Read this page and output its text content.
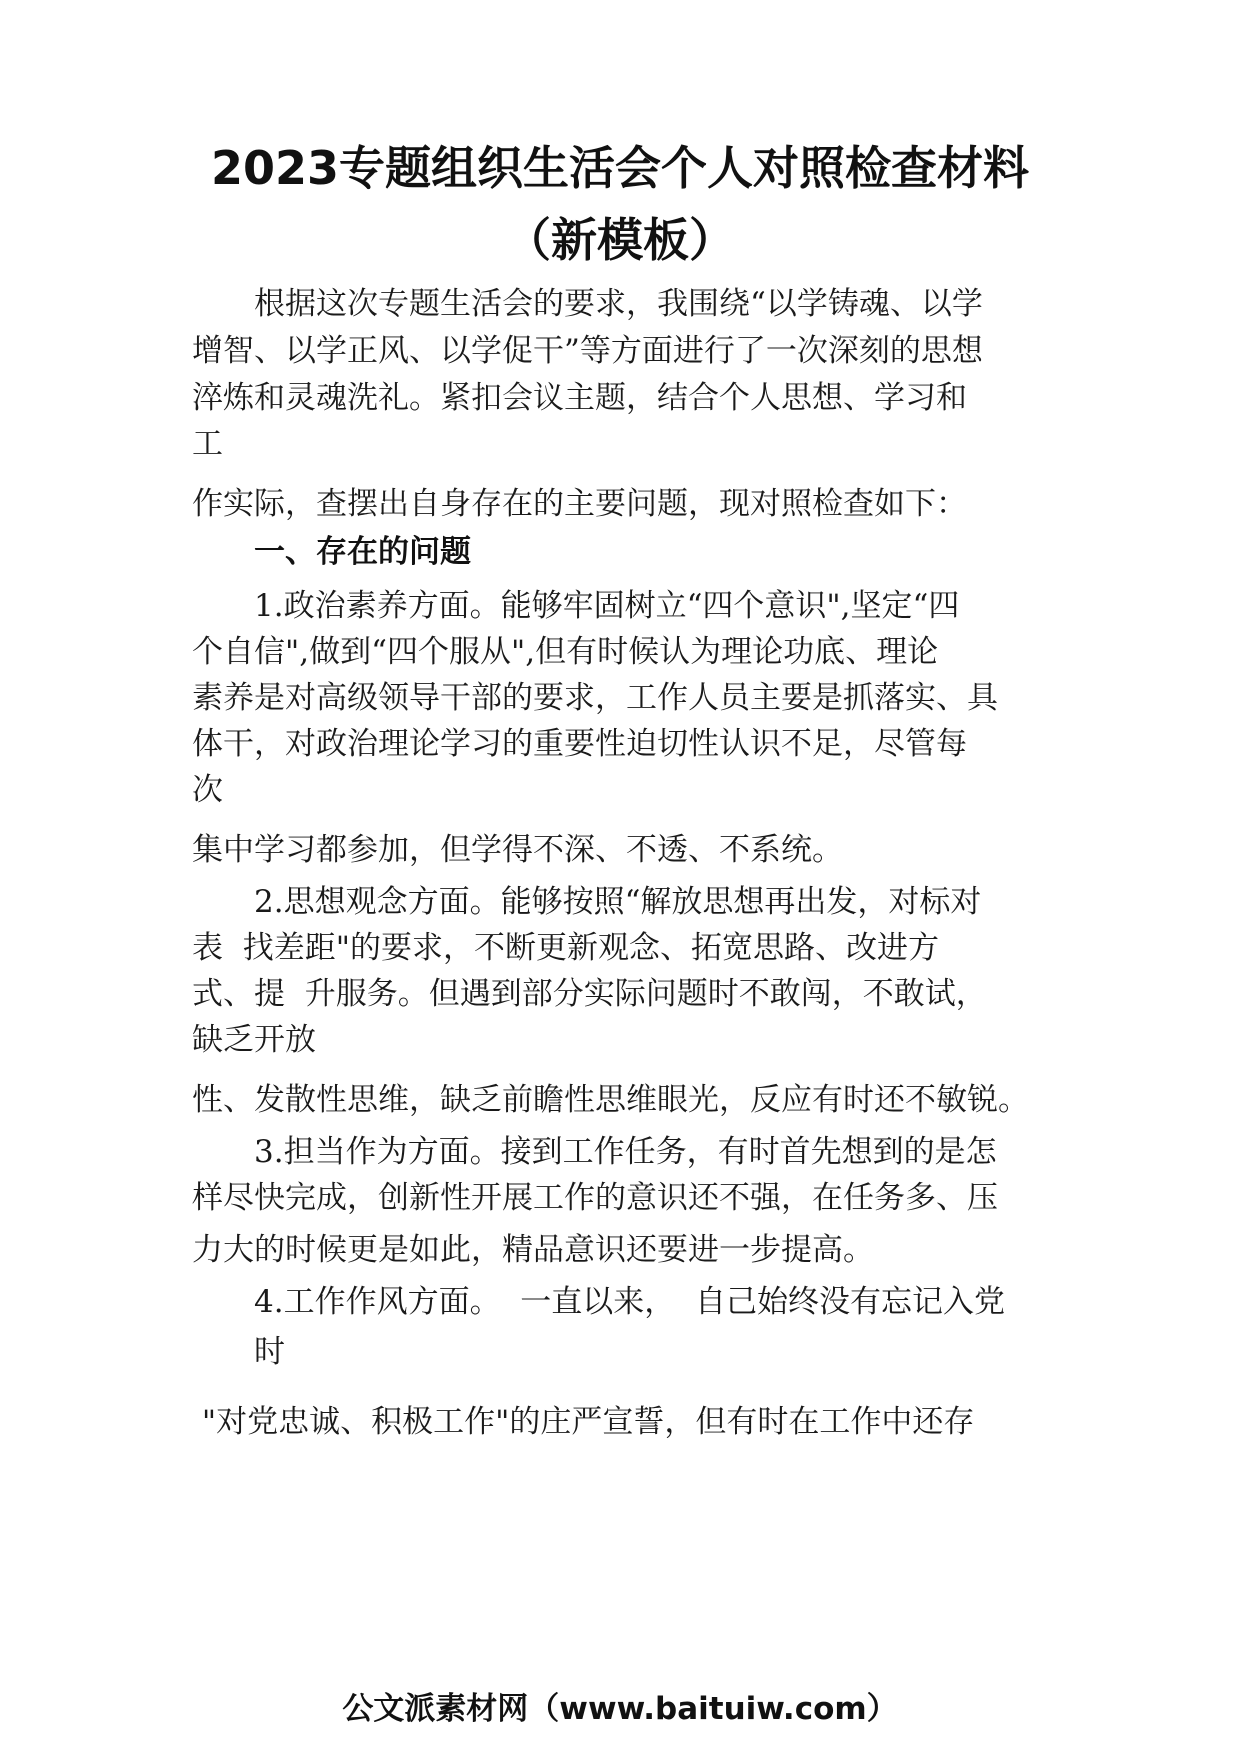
2023专题组织生活会个人对照检查材料
（新模板）

根据这次专题生活会的要求，我围绕“以学铸魂、以学

增智、以学正风、以学促干”等方面进行了一次深刻的思想

淬炼和灵魂洗礼。紧扣会议主题，结合个人思想、学习和

工

作实际，查摆出自身存在的主要问题，现对照检查如下：

一、存在的问题

1.政治素养方面。能够牢固树立“四个意识",坚定“四

个自信",做到“四个服从",但有时候认为理论功底、理论

素养是对高级领导干部的要求，工作人员主要是抓落实、具

体干，对政治理论学习的重要性迫切性认识不足，尽管每

次

集中学习都参加，但学得不深、不透、不系统。

2.思想观念方面。能够按照“解放思想再出发，对标对

表  找差距"的要求，不断更新观念、拓宽思路、改进方

式、提  升服务。但遇到部分实际问题时不敢闯，不敢试，

缺乏开放

性、发散性思维，缺乏前瞻性思维眼光，反应有时还不敏锐。

3.担当作为方面。接到工作任务，有时首先想到的是怎

样尽快完成，创新性开展工作的意识还不强，在任务多、压

力大的时候更是如此，精品意识还要进一步提高。

4.工作作风方面。  一直以来，  自己始终没有忘记入党

时

"对党忠诚、积极工作"的庄严宣誓，但有时在工作中还存

公文派素材网（www.baituiw.com）
